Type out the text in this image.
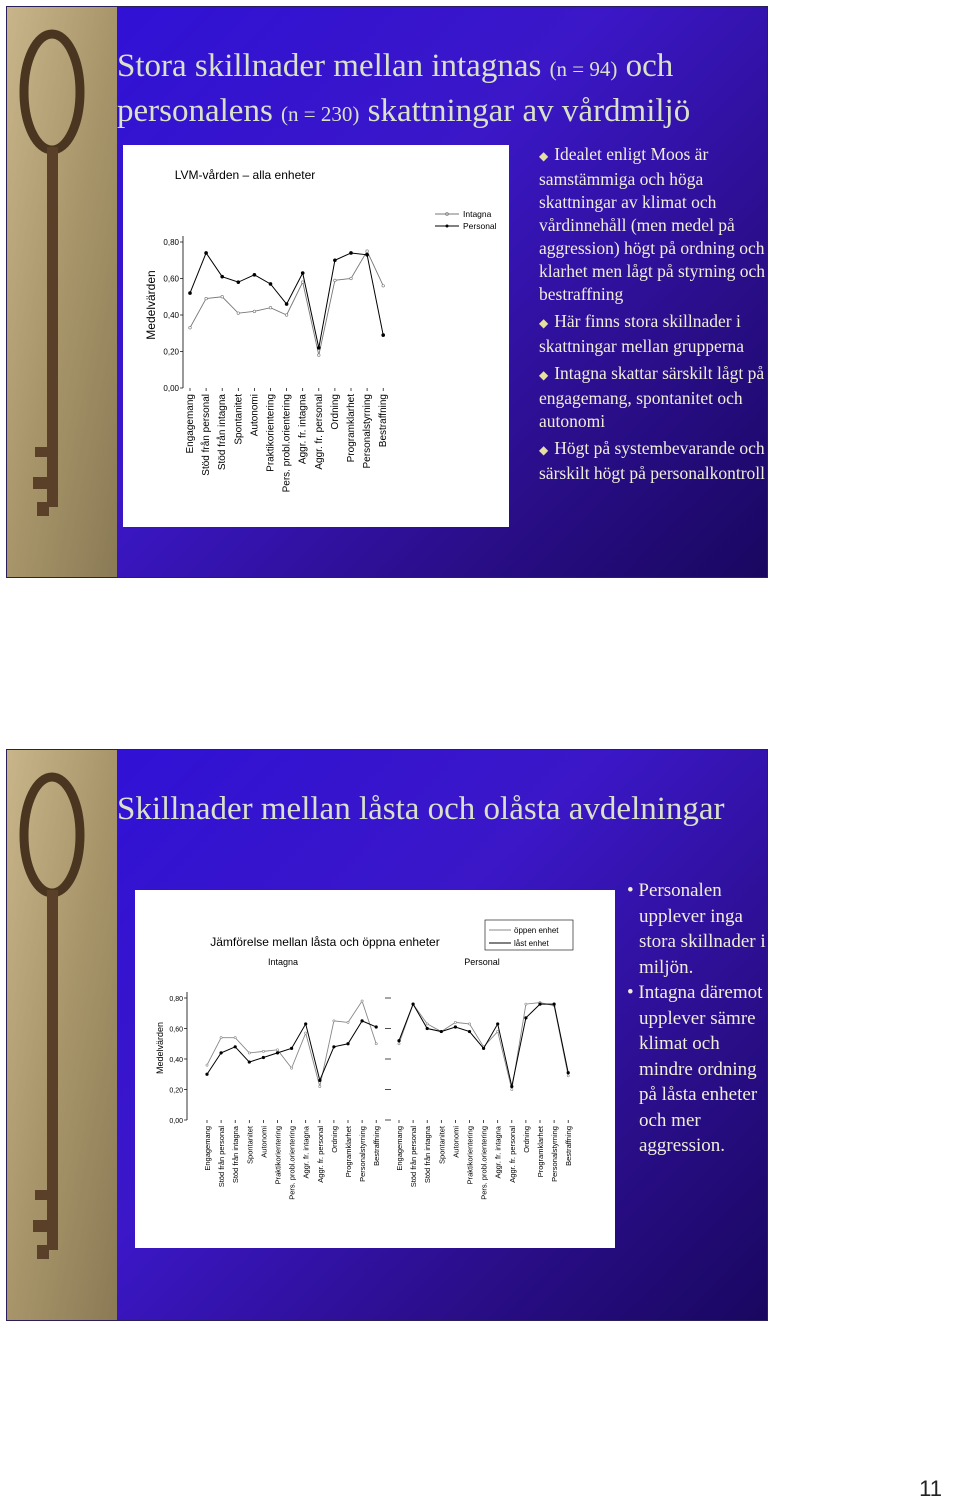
Stora skillnader mellan intagnas (n = 94) och
personalens (n = 230) skattningar av vårdmiljö
LVM-vården – alla enheter
Medelvärden
0,00
0,20
0,40
0,60
0,80
Engagemang Stöd från personal Stöd från intagna Spontanitet Autonomi Praktikorientering Pers. probl.orientering Aggr. fr. intagna Aggr. fr. personal Ordning Programklarhet Personalstyrning Bestraffning
Intagna
Personal
◆ Idealet enligt Moos är samstämmiga och höga skattningar av klimat och vårdinnehåll (men medel på aggression) högt på ordning och klarhet men lågt på styrning och bestraffning
◆ Här finns stora skillnader i skattningar mellan grupperna
◆ Intagna skattar särskilt lågt på engagemang, spontanitet och autonomi
◆ Högt på systembevarande och särskilt högt på personalkontroll
Skillnader mellan låsta och olåsta avdelningar
Jämförelse mellan låsta och öppna enheter
Medelvärden
0,00
0,20
0,40
0,60
0,80
Intagna	Personal
Engagemang Stöd från personal Stöd från intagna Spontanitet Autonomi Praktikorientering Pers. probl.orientering Aggr. fr. intagna Aggr. fr. personal Ordning Programklarhet Personalstyrning Bestraffning Engagemang Stöd från personal Stöd från intagna Spontanitet Autonomi Praktikorientering Pers. probl.orientering Aggr. fr. intagna Aggr. fr. personal Ordning Programklarhet Personalstyrning Bestraffning
öppen enhet
låst enhet
• Personalen upplever inga stora skillnader i miljön.
• Intagna däremot upplever sämre klimat och mindre ordning på låsta enheter och mer aggression.
11
